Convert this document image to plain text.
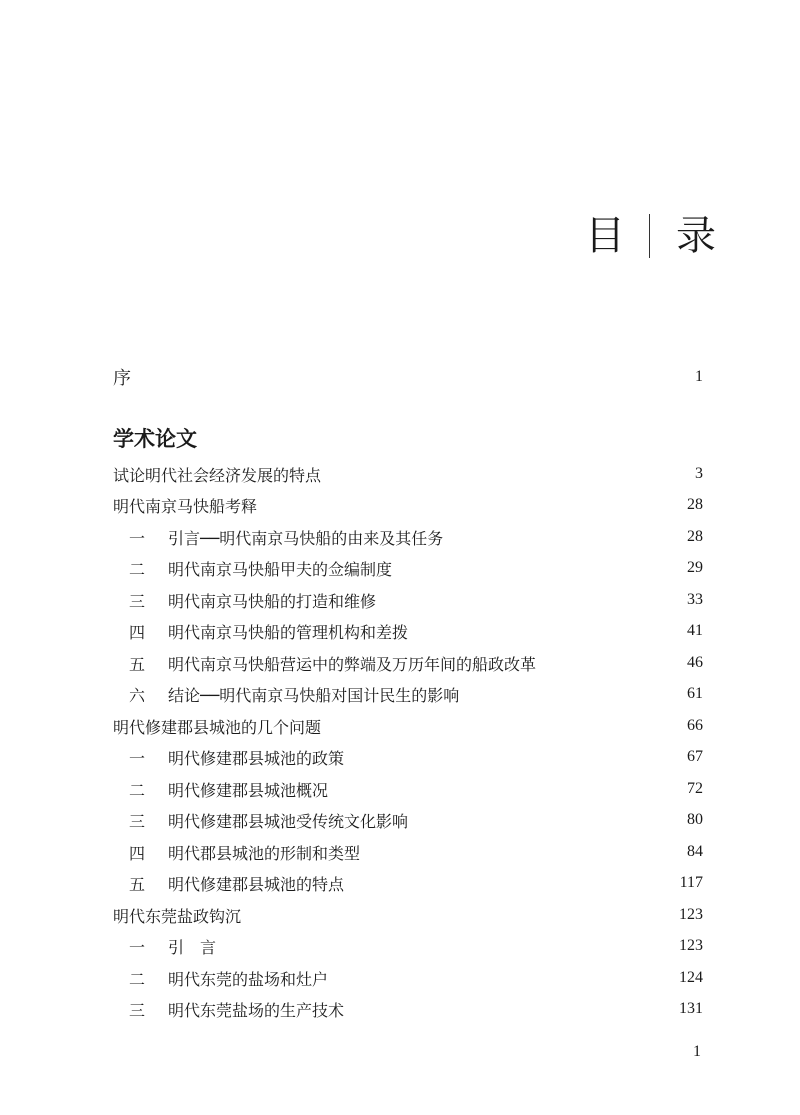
目 录
序	1
学术论文
试论明代社会经济发展的特点	3
明代南京马快船考释	28
一 引言──明代南京马快船的由来及其任务	28
二 明代南京马快船甲夫的佥编制度	29
三 明代南京马快船的打造和维修	33
四 明代南京马快船的管理机构和差拨	41
五 明代南京马快船营运中的弊端及万历年间的船政改革	46
六 结论──明代南京马快船对国计民生的影响	61
明代修建郡县城池的几个问题	66
一 明代修建郡县城池的政策	67
二 明代修建郡县城池概况	72
三 明代修建郡县城池受传统文化影响	80
四 明代郡县城池的形制和类型	84
五 明代修建郡县城池的特点	117
明代东莞盐政钩沉	123
一 引　言	123
二 明代东莞的盐场和灶户	124
三 明代东莞盐场的生产技术	131
1
